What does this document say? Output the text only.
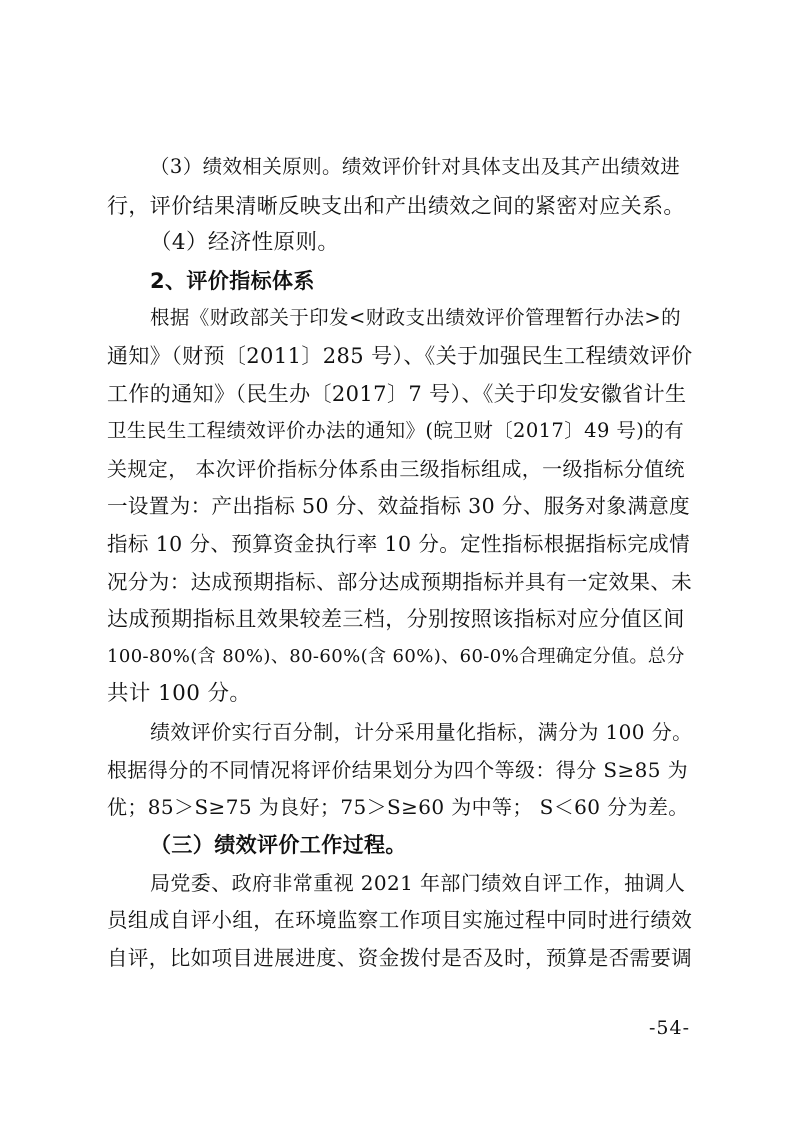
（3）绩效相关原则。绩效评价针对具体支出及其产出绩效进
行，评价结果清晰反映支出和产出绩效之间的紧密对应关系。
（4）经济性原则。
2、评价指标体系
根据《财政部关于印发<财政支出绩效评价管理暂行办法>的
通知》（财预〔2011〕285 号）、《关于加强民生工程绩效评价
工作的通知》（民生办〔2017〕7 号）、《关于印发安徽省计生
卫生民生工程绩效评价办法的通知》(皖卫财〔2017〕49 号)的有
关规定， 本次评价指标分体系由三级指标组成，一级指标分值统
一设置为：产出指标 50 分、效益指标 30 分、服务对象满意度
指标 10 分、预算资金执行率 10 分。定性指标根据指标完成情
况分为：达成预期指标、部分达成预期指标并具有一定效果、未
达成预期指标且效果较差三档，分别按照该指标对应分值区间
100-80%(含 80%)、80-60%(含 60%)、60-0%合理确定分值。总分
共计 100 分。
绩效评价实行百分制，计分采用量化指标，满分为 100 分。
根据得分的不同情况将评价结果划分为四个等级：得分 S≥85 为
优；85＞S≥75 为良好；75＞S≥60 为中等； S＜60 分为差。
（三）绩效评价工作过程。
局党委、政府非常重视 2021 年部门绩效自评工作，抽调人
员组成自评小组，在环境监察工作项目实施过程中同时进行绩效
自评，比如项目进展进度、资金拨付是否及时，预算是否需要调
-54-
